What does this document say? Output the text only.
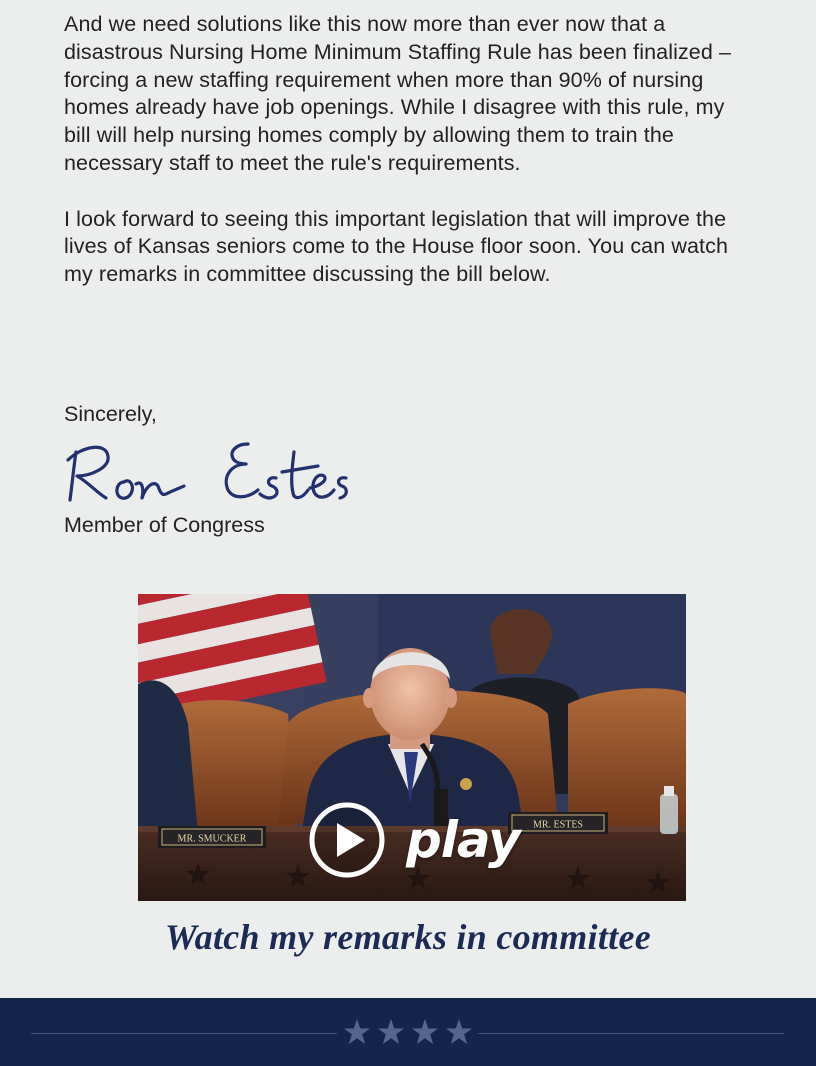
And we need solutions like this now more than ever now that a disastrous Nursing Home Minimum Staffing Rule has been finalized – forcing a new staffing requirement when more than 90% of nursing homes already have job openings. While I disagree with this rule, my bill will help nursing homes comply by allowing them to train the necessary staff to meet the rule's requirements.

I look forward to seeing this important legislation that will improve the lives of Kansas seniors come to the House floor soon. You can watch my remarks in committee discussing the bill below.

Sincerely,

Ron Estes

Member of Congress

MR. SMUCKER
MR. ESTES
play
Watch my remarks in committee
